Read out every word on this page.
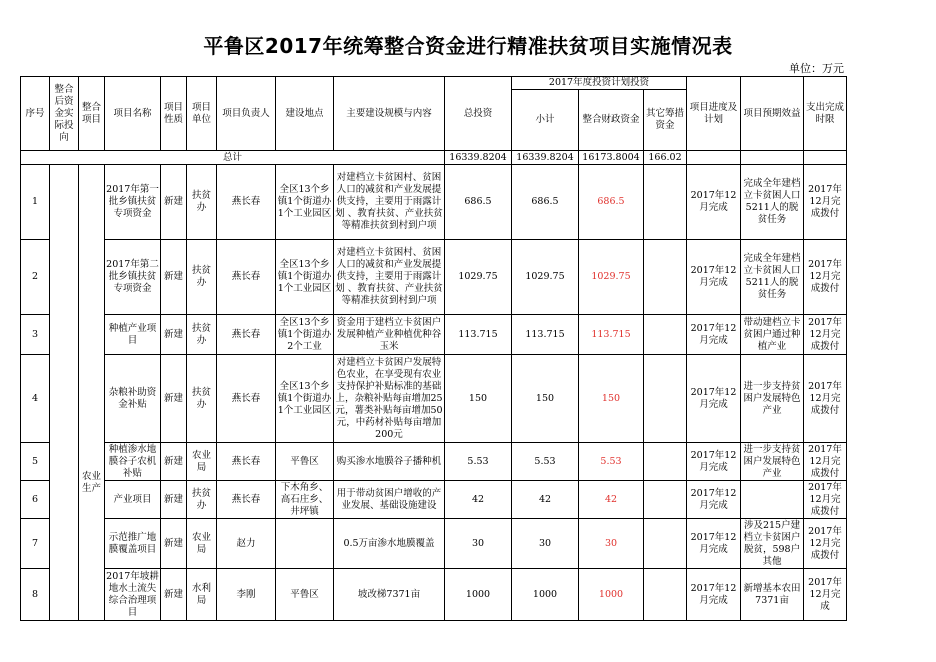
平鲁区2017年统筹整合资金进行精准扶贫项目实施情况表
单位：万元
序号	整合后资金实际投向	整合项目	项目名称	项目性质	项目单位	项目负责人	建设地点	主要建设规模与内容	总投资	2017年度投资计划投资			项目进度及计划	项目预期效益	支出完成时限
										小计	整合财政资金	其它筹措资金			

总计									16339.8204	16339.8204	16173.8004	166.02			
1		农业生产	2017年第一批乡镇扶贫专项资金	新建	扶贫办	燕长春	全区13个乡镇1个街道办1个工业园区	对建档立卡贫困村、贫困人口的减贫和产业发展提供支持，主要用于雨露计划 、教育扶贫、产业扶贫等精准扶贫到村到户项	686.5	686.5	686.5		2017年12月完成	完成全年建档立卡贫困人口5211人的脱贫任务	2017年12月完成拨付
2			2017年第二批乡镇扶贫专项资金	新建	扶贫办	燕长春	全区13个乡镇1个街道办1个工业园区	对建档立卡贫困村、贫困人口的减贫和产业发展提供支持，主要用于雨露计划 、教育扶贫、产业扶贫等精准扶贫到村到户项	1029.75	1029.75	1029.75		2017年12月完成	完成全年建档立卡贫困人口5211人的脱贫任务	2017年12月完成拨付
3			种植产业项目	新建	扶贫办	燕长春	全区13个乡镇1个街道办2个工业	资金用于建档立卡贫困户发展种植产业种植优种谷玉米	113.715	113.715	113.715		2017年12月完成	带动建档立卡贫困户通过种植产业	2017年12月完成拨付
4			杂粮补助资金补贴	新建	扶贫办	燕长春	全区13个乡镇1个街道办1个工业园区	对建档立卡贫困户发展特色农业，在享受现有农业支持保护补贴标准的基础上，杂粮补贴每亩增加25元，薯类补贴每亩增加50元，中药材补贴每亩增加200元	150	150	150		2017年12月完成	进一步支持贫困户发展特色产业	2017年12月完成拨付
5			种植渗水地膜谷子农机补贴	新建	农业局	燕长春	平鲁区	购买渗水地膜谷子播种机	5.53	5.53	5.53		2017年12月完成	进一步支持贫困户发展特色产业	2017年12月完成拨付
6			产业项目	新建	扶贫办	燕长春	下木角乡、高石庄乡、井坪镇	用于带动贫困户增收的产业发展、基础设施建设	42	42	42		2017年12月完成		2017年12月完成拨付
7			示范推广地膜覆盖项目	新建	农业局	赵力		0.5万亩渗水地膜覆盖	30	30	30		2017年12月完成	涉及215户建档立卡贫困户脱贫，598户其他	2017年12月完成拨付
8			2017年坡耕地水土流失综合治理项目	新建	水利局	李刚	平鲁区	坡改梯7371亩	1000	1000	1000		2017年12月完成	新增基本农田7371亩	2017年12月完成
